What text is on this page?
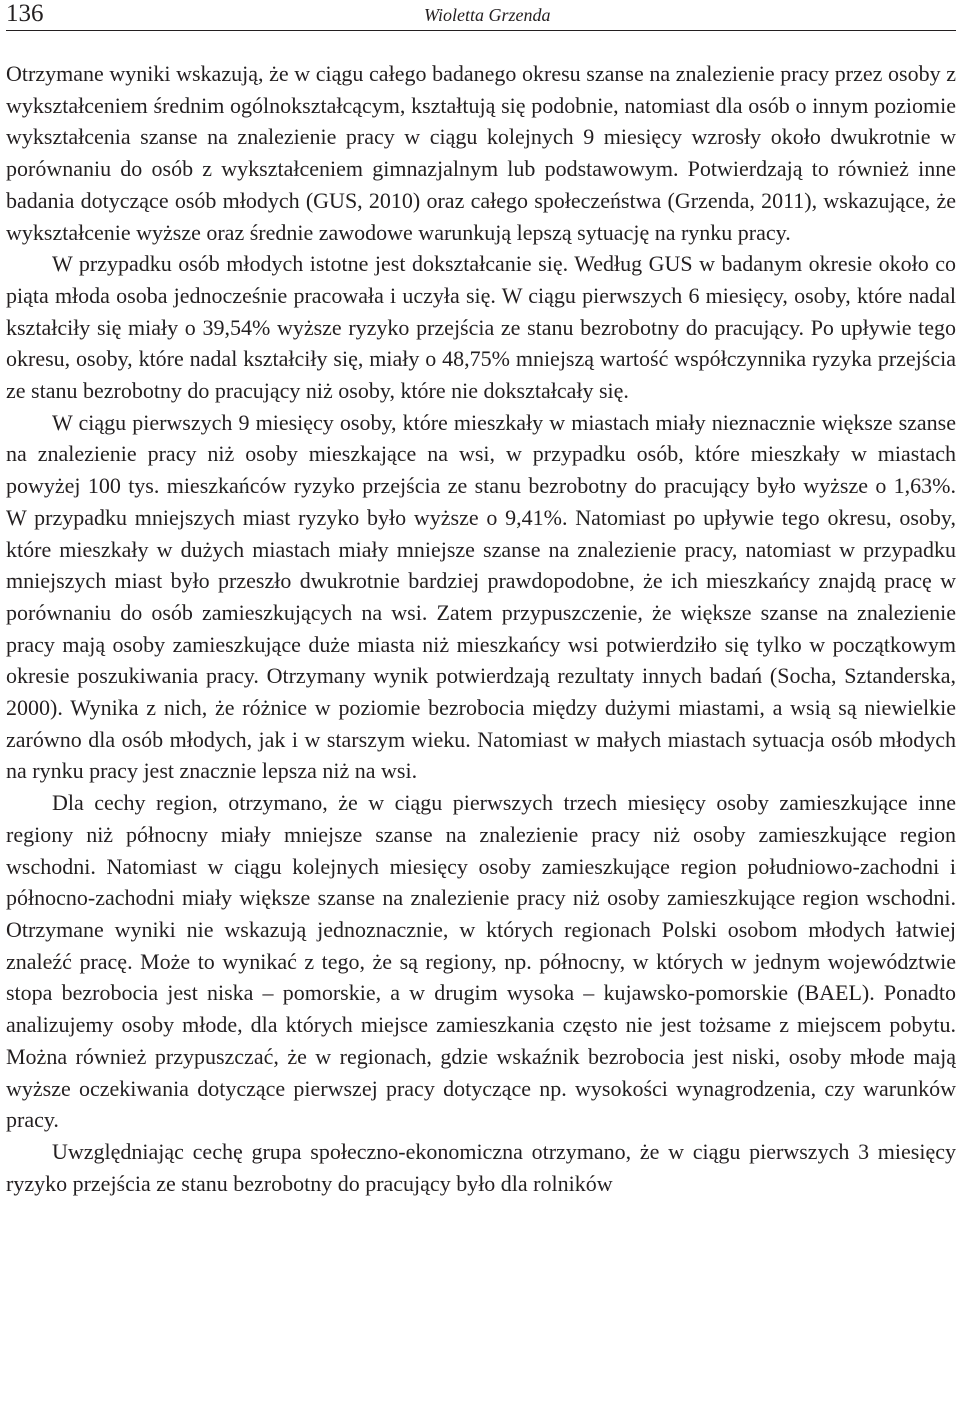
136	Wioletta Grzenda

Otrzymane wyniki wskazują, że w ciągu całego badanego okresu szanse na znalezienie pracy przez osoby z wykształceniem średnim ogólnokształcącym, kształtują się podobnie, natomiast dla osób o innym poziomie wykształcenia szanse na znalezienie pracy w ciągu kolejnych 9 miesięcy wzrosły około dwukrotnie w porównaniu do osób z wykształceniem gimnazjalnym lub podstawowym. Potwierdzają to również inne badania dotyczące osób młodych (GUS, 2010) oraz całego społeczeństwa (Grzenda, 2011), wskazujące, że wykształcenie wyższe oraz średnie zawodowe warunkują lepszą sytuację na rynku pracy.

W przypadku osób młodych istotne jest dokształcanie się. Według GUS w badanym okresie około co piąta młoda osoba jednocześnie pracowała i uczyła się. W ciągu pierwszych 6 miesięcy, osoby, które nadal kształciły się miały o 39,54% wyższe ryzyko przejścia ze stanu bezrobotny do pracujący. Po upływie tego okresu, osoby, które nadal kształciły się, miały o 48,75% mniejszą wartość współczynnika ryzyka przejścia ze stanu bezrobotny do pracujący niż osoby, które nie dokształcały się.

W ciągu pierwszych 9 miesięcy osoby, które mieszkały w miastach miały nieznacznie większe szanse na znalezienie pracy niż osoby mieszkające na wsi, w przypadku osób, które mieszkały w miastach powyżej 100 tys. mieszkańców ryzyko przejścia ze stanu bezrobotny do pracujący było wyższe o 1,63%. W przypadku mniejszych miast ryzyko było wyższe o 9,41%. Natomiast po upływie tego okresu, osoby, które mieszkały w dużych miastach miały mniejsze szanse na znalezienie pracy, natomiast w przypadku mniejszych miast było przeszło dwukrotnie bardziej prawdopodobne, że ich mieszkańcy znajdą pracę w porównaniu do osób zamieszkujących na wsi. Zatem przypuszczenie, że większe szanse na znalezienie pracy mają osoby zamieszkujące duże miasta niż mieszkańcy wsi potwierdziło się tylko w początkowym okresie poszukiwania pracy. Otrzymany wynik potwierdzają rezultaty innych badań (Socha, Sztanderska, 2000). Wynika z nich, że różnice w poziomie bezrobocia między dużymi miastami, a wsią są niewielkie zarówno dla osób młodych, jak i w starszym wieku. Natomiast w małych miastach sytuacja osób młodych na rynku pracy jest znacznie lepsza niż na wsi.

Dla cechy region, otrzymano, że w ciągu pierwszych trzech miesięcy osoby zamieszkujące inne regiony niż północny miały mniejsze szanse na znalezienie pracy niż osoby zamieszkujące region wschodni. Natomiast w ciągu kolejnych miesięcy osoby zamieszkujące region południowo-zachodni i północno-zachodni miały większe szanse na znalezienie pracy niż osoby zamieszkujące region wschodni. Otrzymane wyniki nie wskazują jednoznacznie, w których regionach Polski osobom młodych łatwiej znaleźć pracę. Może to wynikać z tego, że są regiony, np. północny, w których w jednym województwie stopa bezrobocia jest niska – pomorskie, a w drugim wysoka – kujawsko-pomorskie (BAEL). Ponadto analizujemy osoby młode, dla których miejsce zamieszkania często nie jest tożsame z miejscem pobytu. Można również przypuszczać, że w regionach, gdzie wskaźnik bezrobocia jest niski, osoby młode mają wyższe oczekiwania dotyczące pierwszej pracy dotyczące np. wysokości wynagrodzenia, czy warunków pracy.

Uwzględniając cechę grupa społeczno-ekonomiczna otrzymano, że w ciągu pierwszych 3 miesięcy ryzyko przejścia ze stanu bezrobotny do pracujący było dla rolników
